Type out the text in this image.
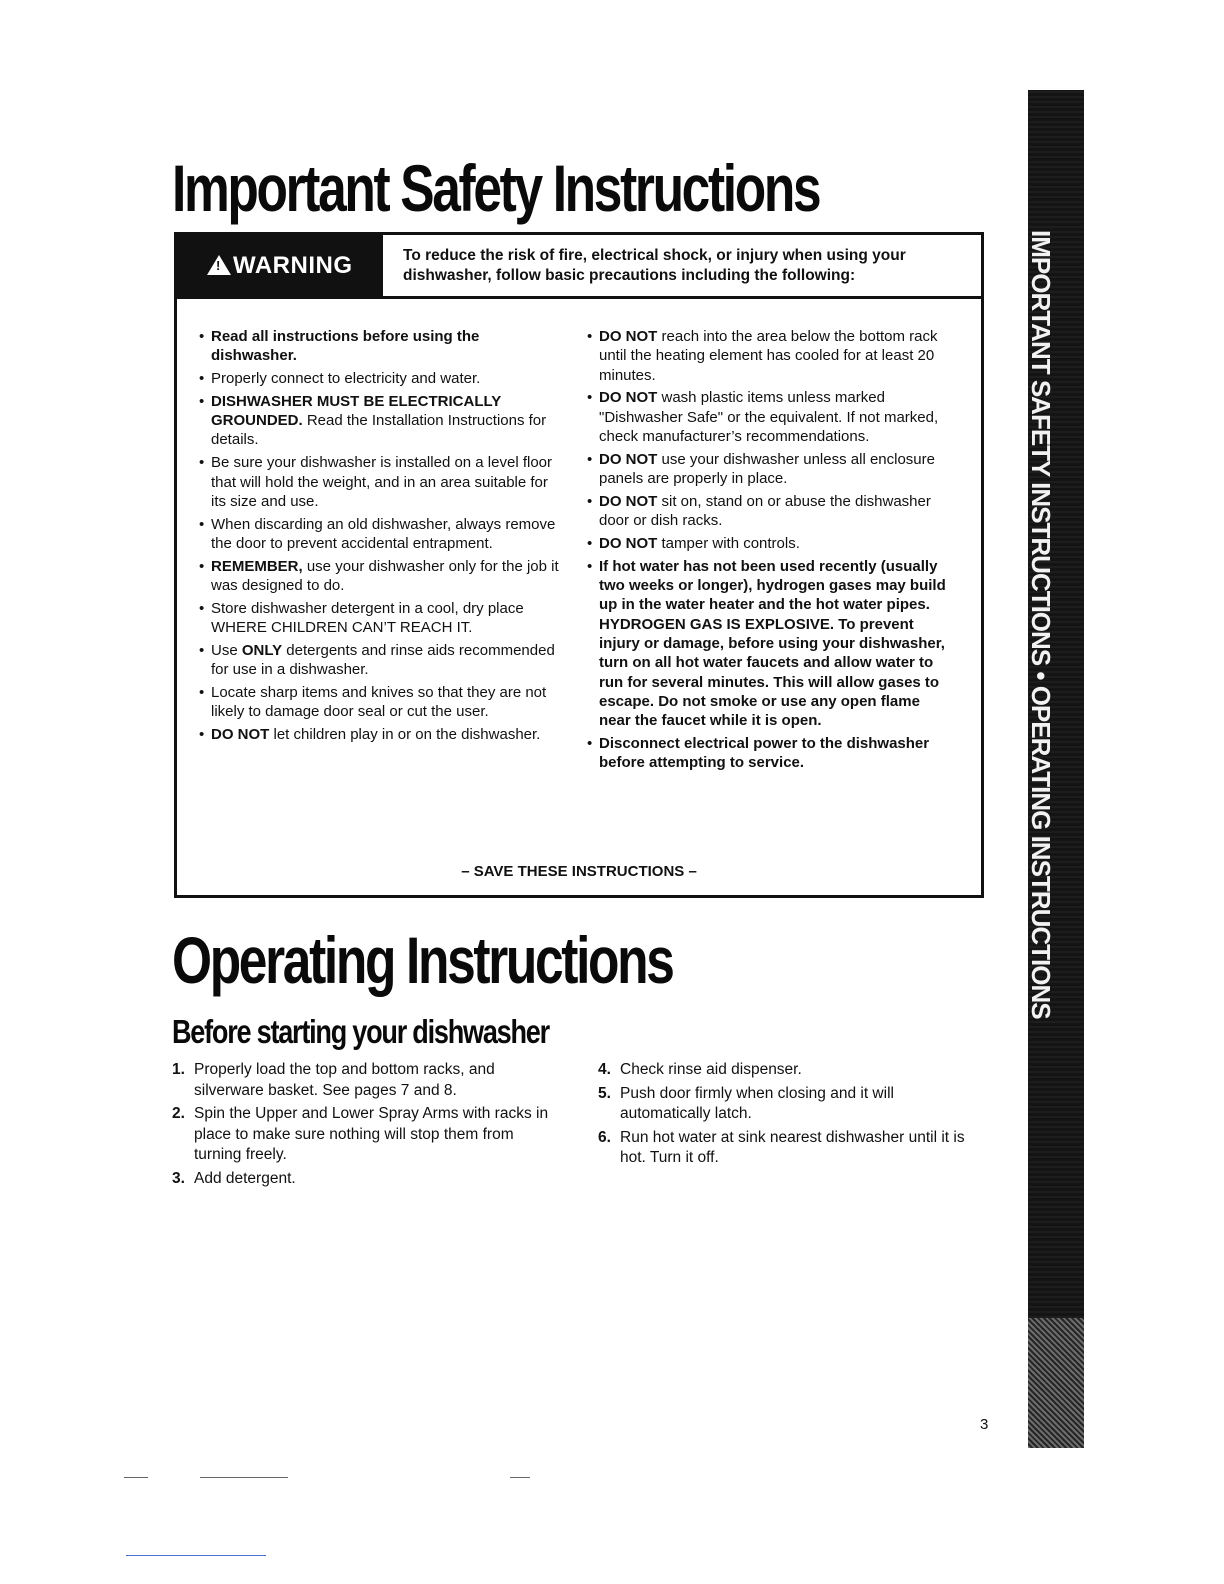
Important Safety Instructions
!
WARNING	To reduce the risk of fire, electrical shock, or injury when using your dishwasher, follow basic precautions including the following:
• Read all instructions before using the dishwasher.
• Properly connect to electricity and water.
• DISHWASHER MUST BE ELECTRICALLY GROUNDED. Read the Installation Instructions for details.
• Be sure your dishwasher is installed on a level floor that will hold the weight, and in an area suitable for its size and use.
• When discarding an old dishwasher, always remove the door to prevent accidental entrapment.
• REMEMBER, use your dishwasher only for the job it was designed to do.
• Store dishwasher detergent in a cool, dry place WHERE CHILDREN CAN’T REACH IT.
• Use ONLY detergents and rinse aids recommended for use in a dishwasher.
• Locate sharp items and knives so that they are not likely to damage door seal or cut the user.
• DO NOT let children play in or on the dishwasher.
• DO NOT reach into the area below the bottom rack until the heating element has cooled for at least 20 minutes.
• DO NOT wash plastic items unless marked "Dishwasher Safe" or the equivalent. If not marked, check manufacturer’s recommendations.
• DO NOT use your dishwasher unless all enclosure panels are properly in place.
• DO NOT sit on, stand on or abuse the dishwasher door or dish racks.
• DO NOT tamper with controls.
• If hot water has not been used recently (usually two weeks or longer), hydrogen gases may build up in the water heater and the hot water pipes. HYDROGEN GAS IS EXPLOSIVE. To prevent injury or damage, before using your dishwasher, turn on all hot water faucets and allow water to run for several minutes. This will allow gases to escape. Do not smoke or use any open flame near the faucet while it is open.
• Disconnect electrical power to the dishwasher before attempting to service.
– SAVE THESE INSTRUCTIONS –
Operating Instructions
Before starting your dishwasher
1. Properly load the top and bottom racks, and silverware basket. See pages 7 and 8.
2. Spin the Upper and Lower Spray Arms with racks in place to make sure nothing will stop them from turning freely.
3. Add detergent.
4. Check rinse aid dispenser.
5. Push door firmly when closing and it will automatically latch.
6. Run hot water at sink nearest dishwasher until it is hot. Turn it off.
3
IMPORTANT SAFETY INSTRUCTIONS • OPERATING INSTRUCTIONS
